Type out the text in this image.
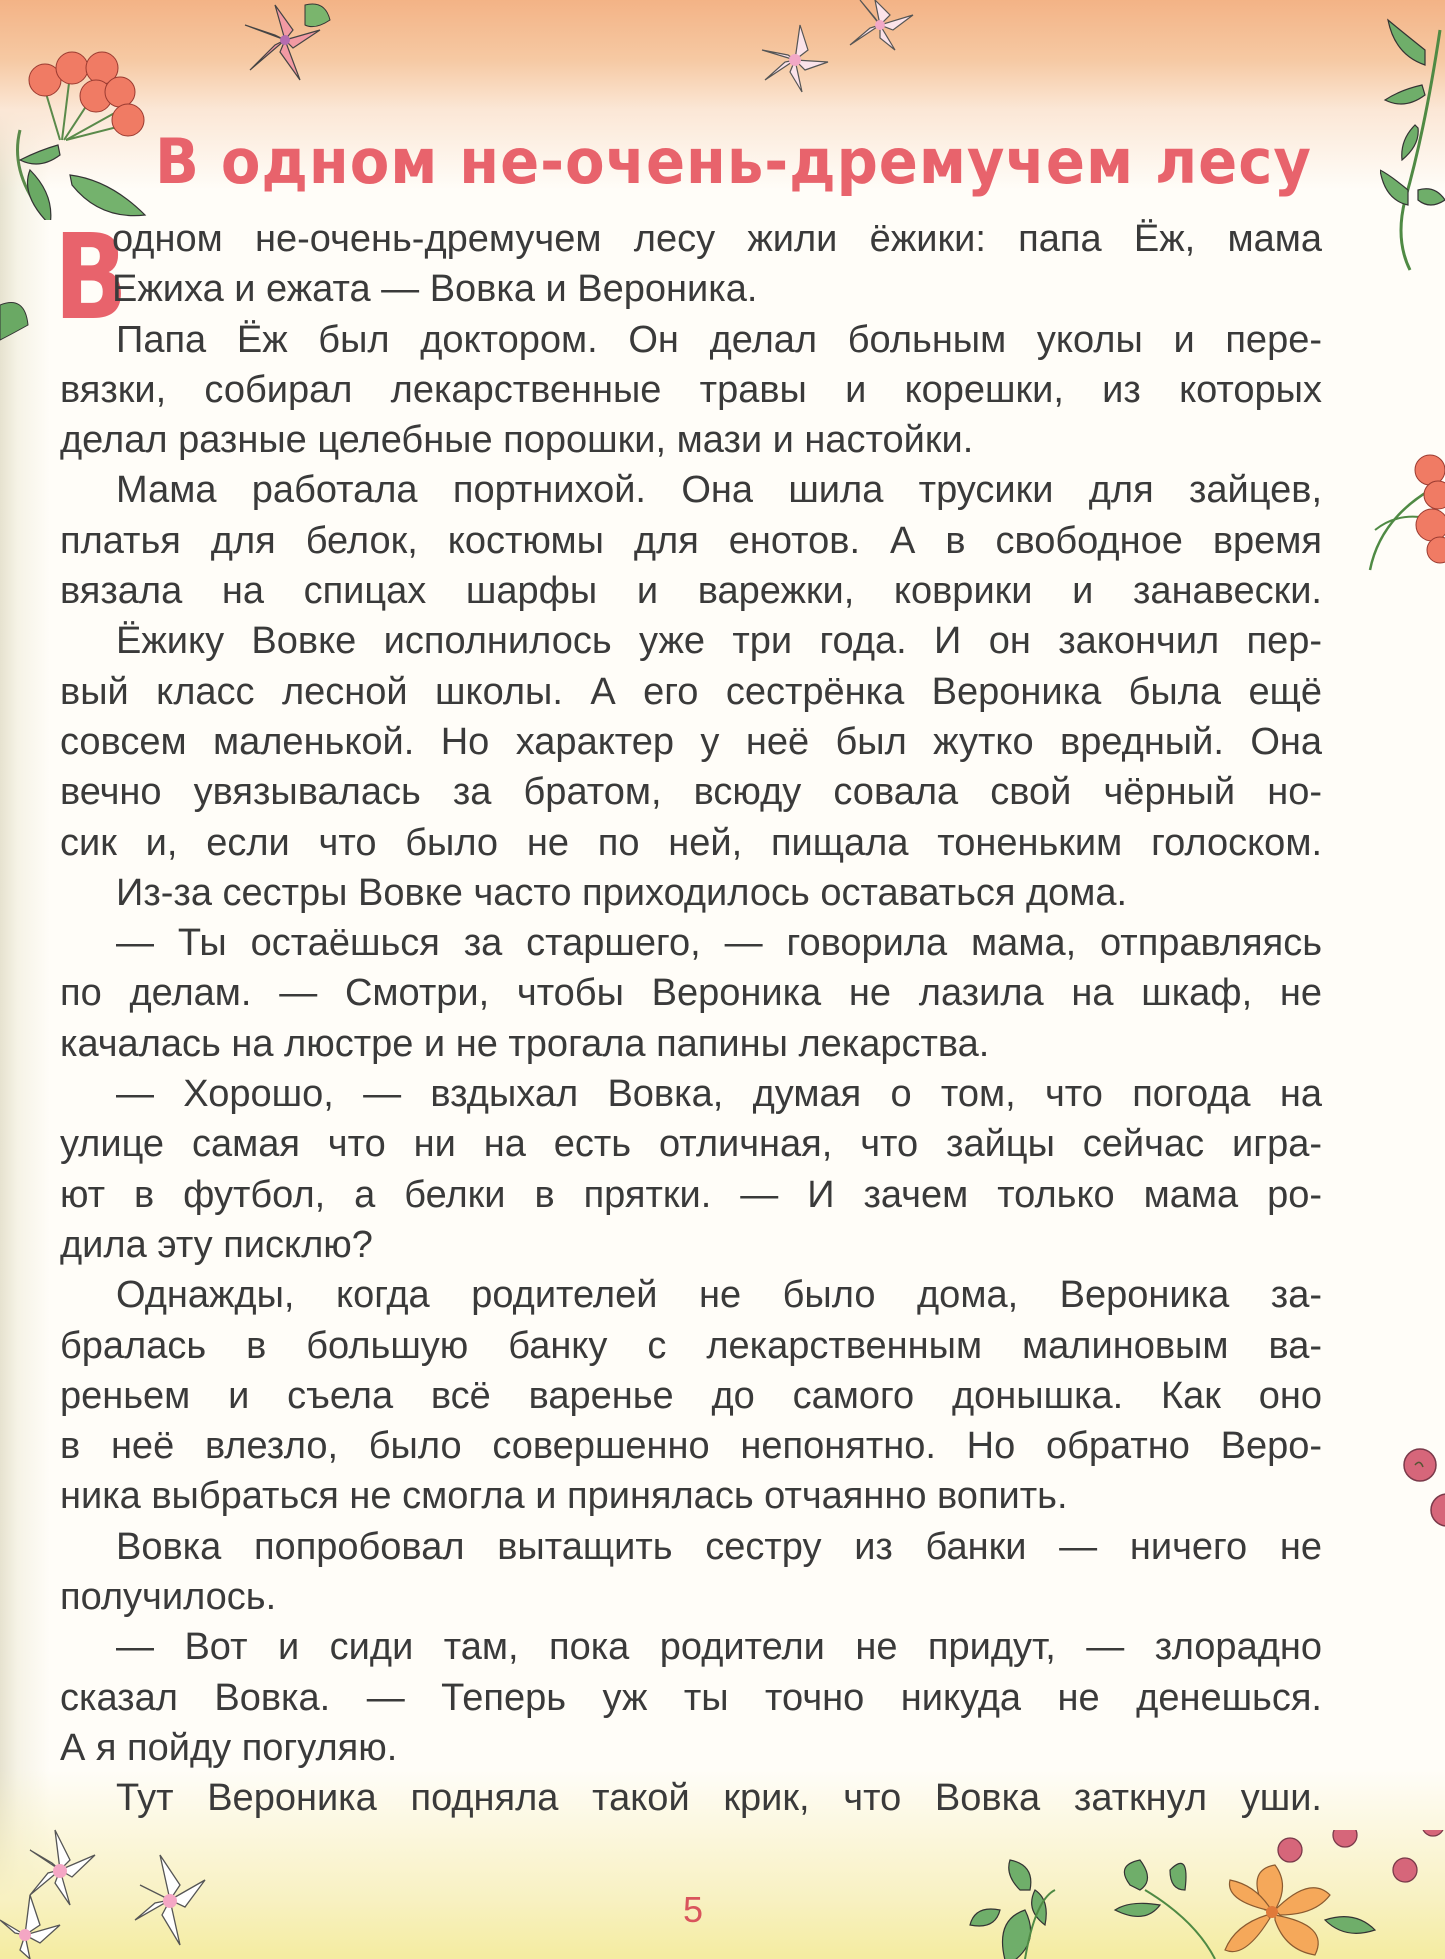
В одном не-очень-дремучем лесу
В
одном не-очень-дремучем лесу жили ёжики: папа Ёж, мама
Ежиха и ежата — Вовка и Вероника.
Папа Ёж был доктором. Он делал больным уколы и пере-
вязки, собирал лекарственные травы и корешки, из которых
делал разные целебные порошки, мази и настойки.
Мама работала портнихой. Она шила трусики для зайцев,
платья для белок, костюмы для енотов. А в свободное время
вязала на спицах шарфы и варежки, коврики и занавески.
Ёжику Вовке исполнилось уже три года. И он закончил пер-
вый класс лесной школы. А его сестрёнка Вероника была ещё
совсем маленькой. Но характер у неё был жутко вредный. Она
вечно увязывалась за братом, всюду совала свой чёрный но-
сик и, если что было не по ней, пищала тоненьким голоском.
Из-за сестры Вовке часто приходилось оставаться дома.
— Ты остаёшься за старшего, — говорила мама, отправляясь
по делам. — Смотри, чтобы Вероника не лазила на шкаф, не
качалась на люстре и не трогала папины лекарства.
— Хорошо, — вздыхал Вовка, думая о том, что погода на
улице самая что ни на есть отличная, что зайцы сейчас игра-
ют в футбол, а белки в прятки. — И зачем только мама ро-
дила эту писклю?
Однажды, когда родителей не было дома, Вероника за-
бралась в большую банку с лекарственным малиновым ва-
реньем и съела всё варенье до самого донышка. Как оно
в неё влезло, было совершенно непонятно. Но обратно Веро-
ника выбраться не смогла и принялась отчаянно вопить.
Вовка попробовал вытащить сестру из банки — ничего не
получилось.
— Вот и сиди там, пока родители не придут, — злорадно
сказал Вовка. — Теперь уж ты точно никуда не денешься.
А я пойду погуляю.
Тут Вероника подняла такой крик, что Вовка заткнул уши.
5
